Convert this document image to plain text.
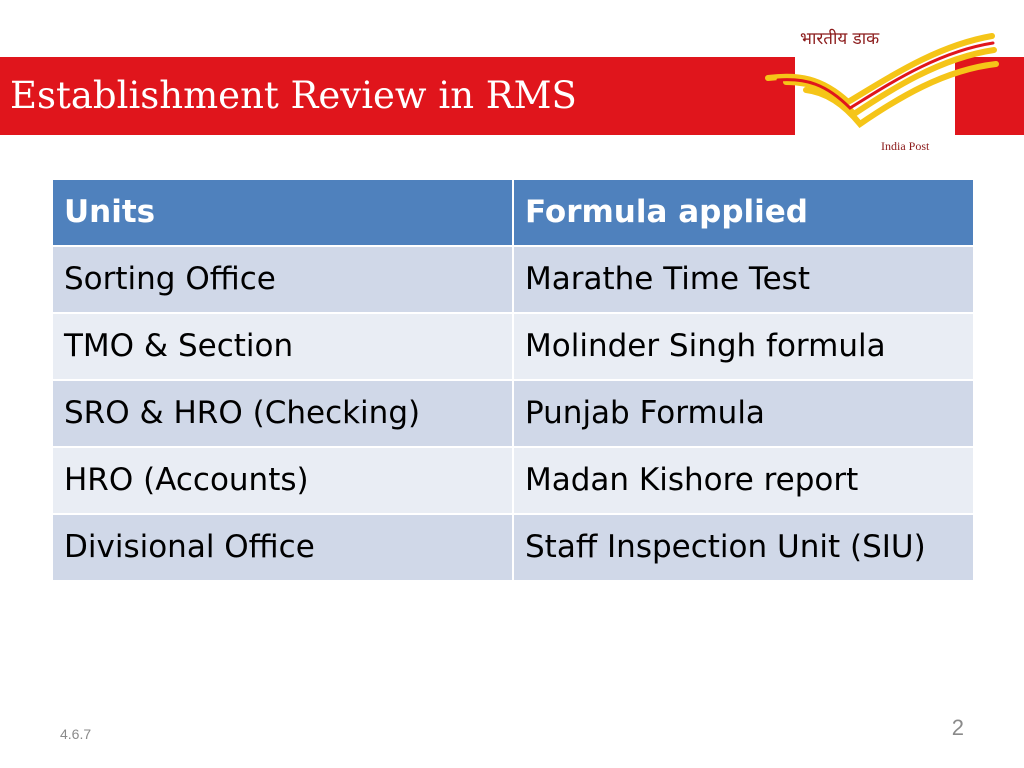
Establishment Review in RMS
भारतीय डाक
India Post
Units	Formula applied
Sorting Office	Marathe Time Test
TMO & Section	Molinder Singh formula
SRO & HRO (Checking)	Punjab Formula
HRO (Accounts)	Madan Kishore report
Divisional Office	Staff Inspection Unit (SIU)
4.6.7	2
